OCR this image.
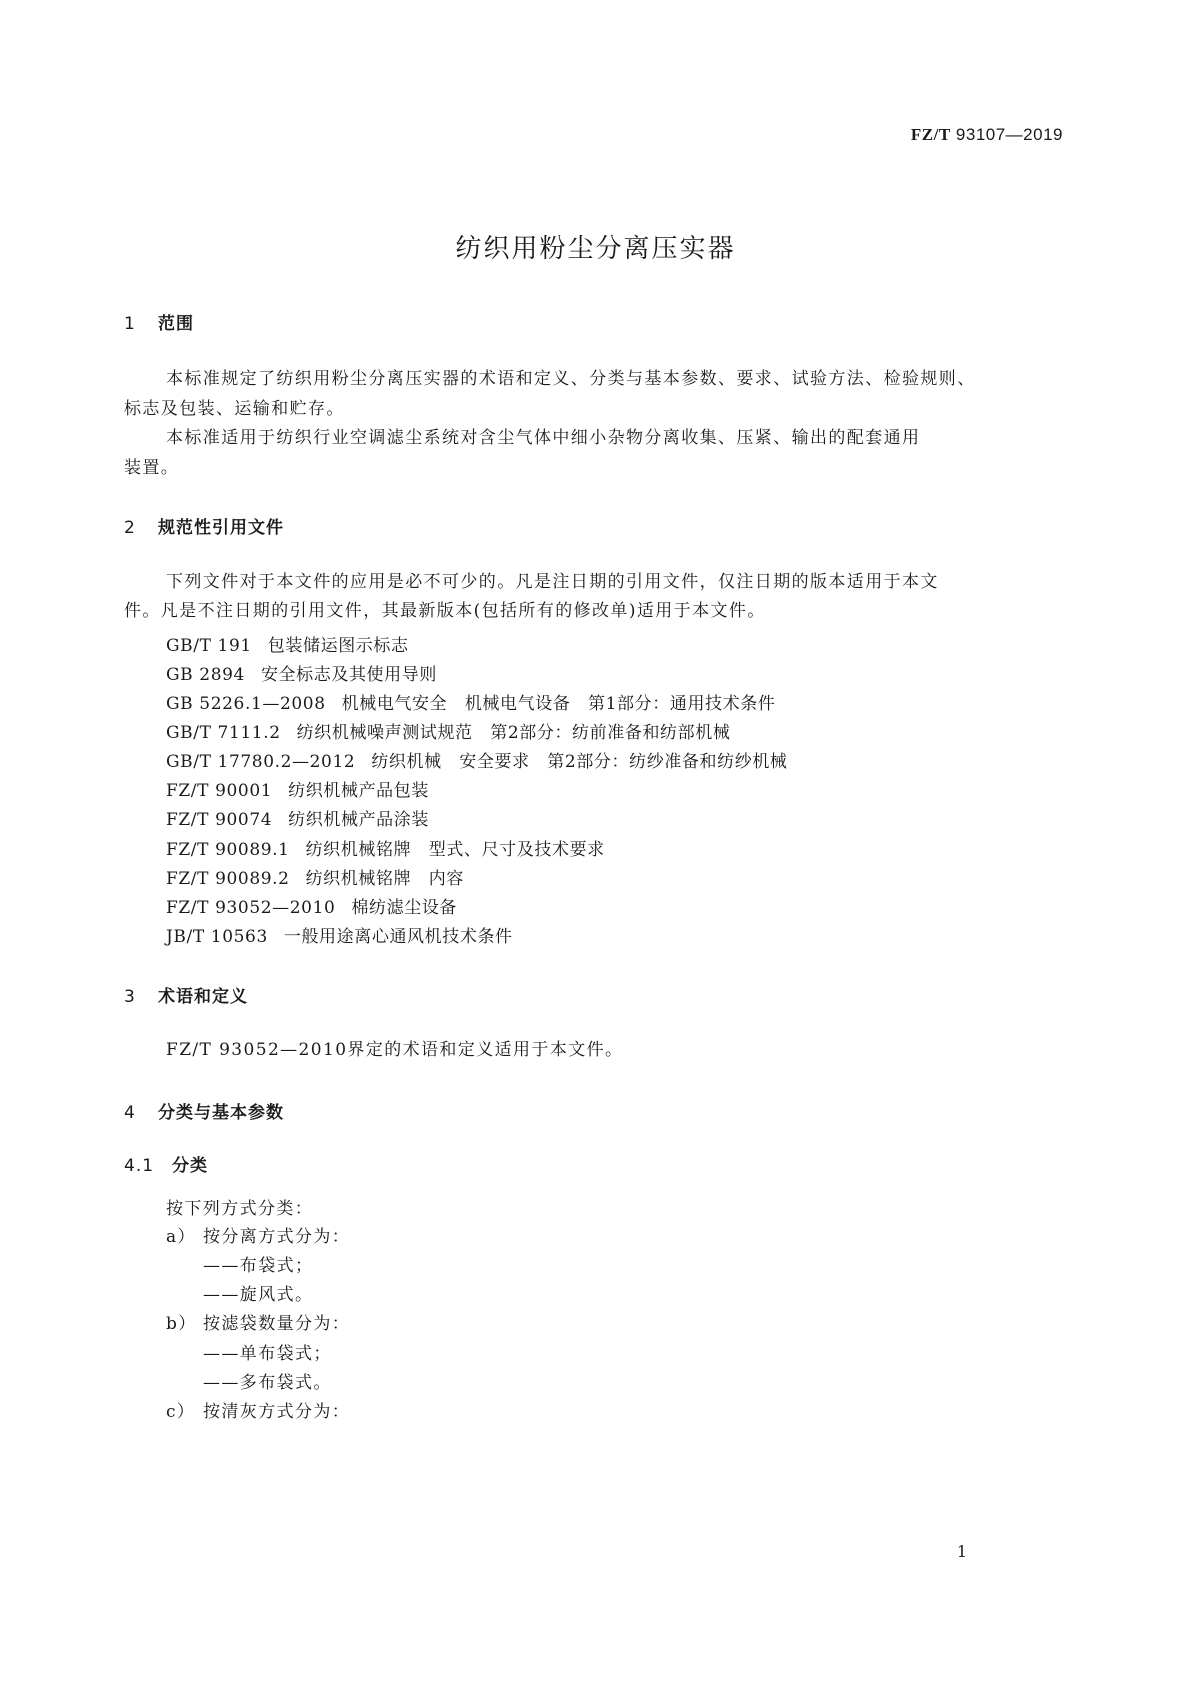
FZ/T 93107—2019
纺织用粉尘分离压实器
1 范围
本标准规定了纺织用粉尘分离压实器的术语和定义、分类与基本参数、要求、试验方法、检验规则、
标志及包装、运输和贮存。
本标准适用于纺织行业空调滤尘系统对含尘气体中细小杂物分离收集、压紧、输出的配套通用
装置。
2 规范性引用文件
下列文件对于本文件的应用是必不可少的。凡是注日期的引用文件，仅注日期的版本适用于本文
件。凡是不注日期的引用文件，其最新版本(包括所有的修改单)适用于本文件。
GB/T 191 包装储运图示标志
GB 2894 安全标志及其使用导则
GB 5226.1—2008 机械电气安全　机械电气设备　第1部分：通用技术条件
GB/T 7111.2 纺织机械噪声测试规范　第2部分：纺前准备和纺部机械
GB/T 17780.2—2012 纺织机械　安全要求　第2部分：纺纱准备和纺纱机械
FZ/T 90001 纺织机械产品包装
FZ/T 90074 纺织机械产品涂装
FZ/T 90089.1 纺织机械铭牌　型式、尺寸及技术要求
FZ/T 90089.2 纺织机械铭牌　内容
FZ/T 93052—2010 棉纺滤尘设备
JB/T 10563 一般用途离心通风机技术条件
3 术语和定义
FZ/T 93052—2010界定的术语和定义适用于本文件。
4 分类与基本参数
4.1 分类
按下列方式分类：
a） 按分离方式分为：
——布袋式；
——旋风式。
b） 按滤袋数量分为：
——单布袋式；
——多布袋式。
c） 按清灰方式分为：
1
